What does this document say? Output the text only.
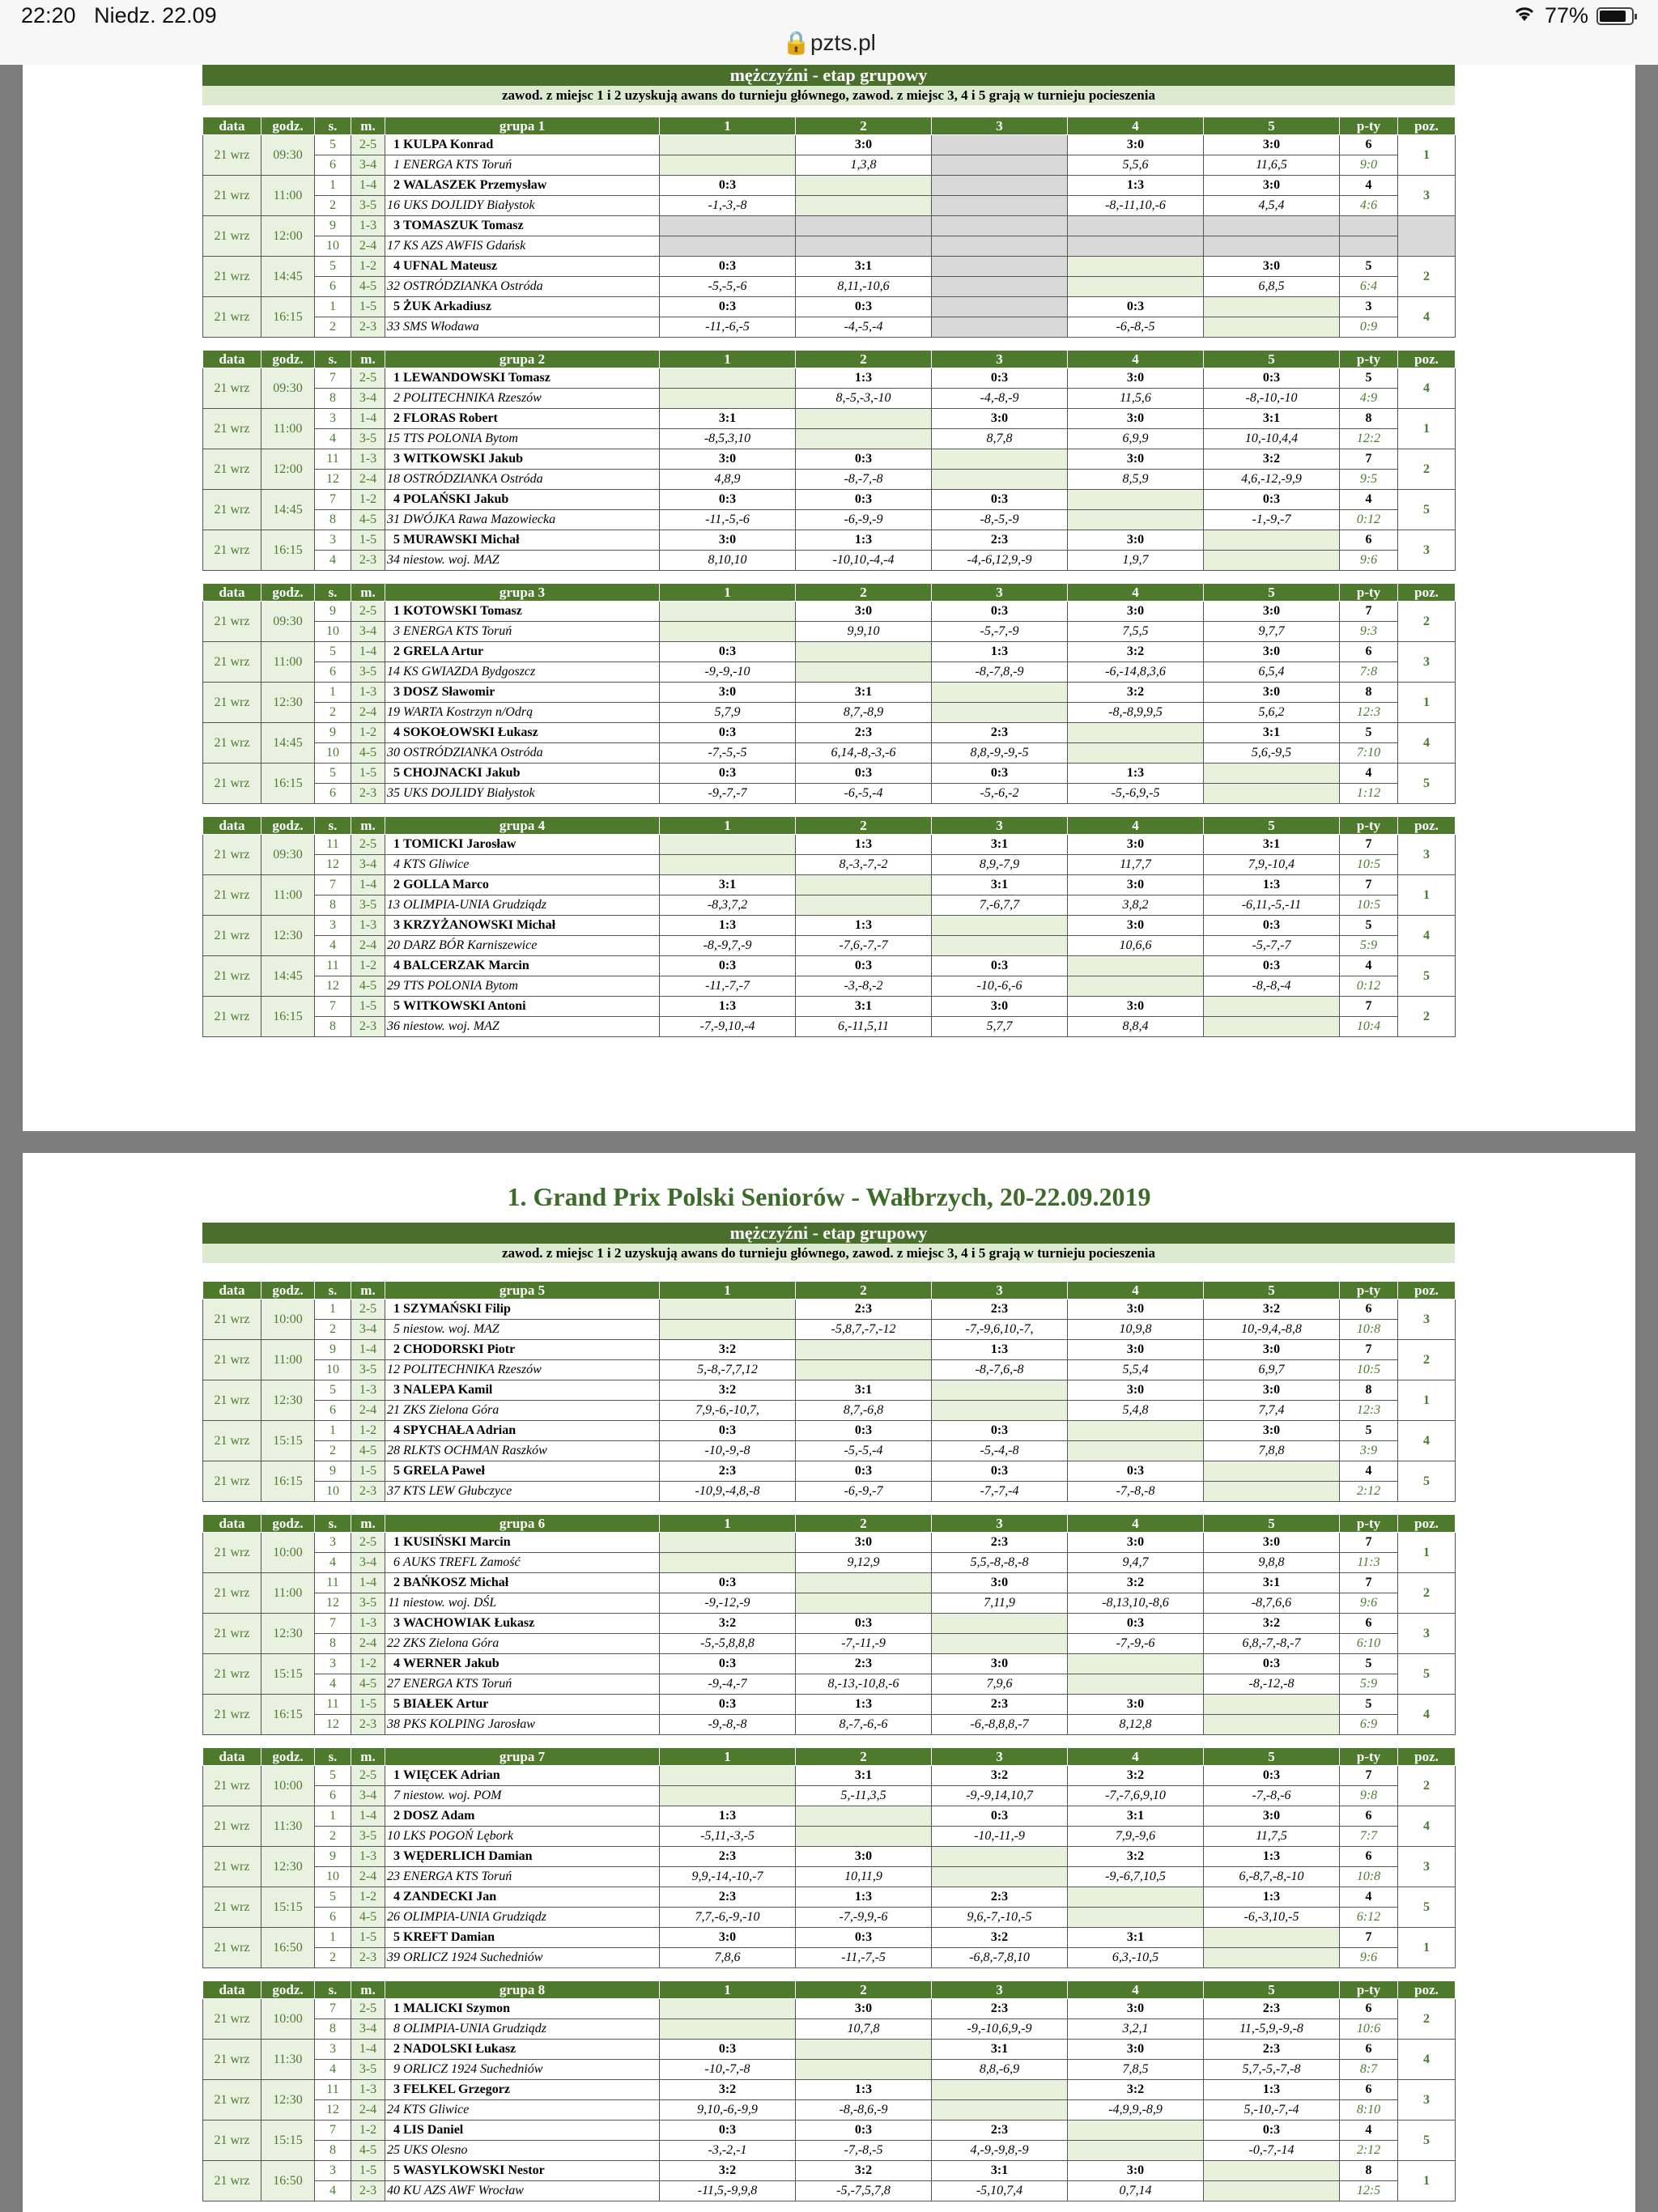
22:20 Niedz. 22.09	77%
🔒pzts.pl
mężczyźni - etap grupowy
zawod. z miejsc 1 i 2 uzyskują awans do turnieju głównego, zawod. z miejsc 3, 4 i 5 grają w turnieju pocieszenia
data	godz.	s.	m.	grupa 1	1	2	3	4	5	p-ty	poz.
21 wrz	09:30	5	2-5	1 KULPA Konrad		3:0		3:0	3:0	6	1
		6	3-4	1 ENERGA KTS Toruń		1,3,8		5,5,6	11,6,5	9:0	
21 wrz	11:00	1	1-4	2 WALASZEK Przemysław	0:3			1:3	3:0	4	3
		2	3-5	16 UKS DOJLIDY Białystok	-1,-3,-8			-8,-11,10,-6	4,5,4	4:6	
21 wrz	12:00	9	1-3	3 TOMASZUK Tomasz							
		10	2-4	17 KS AZS AWFIS Gdańsk							
21 wrz	14:45	5	1-2	4 UFNAL Mateusz	0:3	3:1			3:0	5	2
		6	4-5	32 OSTRÓDZIANKA Ostróda	-5,-5,-6	8,11,-10,6			6,8,5	6:4	
21 wrz	16:15	1	1-5	5 ŻUK Arkadiusz	0:3	0:3		0:3		3	4
		2	2-3	33 SMS Włodawa	-11,-6,-5	-4,-5,-4		-6,-8,-5		0:9	
data	godz.	s.	m.	grupa 2	1	2	3	4	5	p-ty	poz.
21 wrz	09:30	7	2-5	1 LEWANDOWSKI Tomasz		1:3	0:3	3:0	0:3	5	4
		8	3-4	2 POLITECHNIKA Rzeszów		8,-5,-3,-10	-4,-8,-9	11,5,6	-8,-10,-10	4:9	
21 wrz	11:00	3	1-4	2 FLORAS Robert	3:1		3:0	3:0	3:1	8	1
		4	3-5	15 TTS POLONIA Bytom	-8,5,3,10		8,7,8	6,9,9	10,-10,4,4	12:2	
21 wrz	12:00	11	1-3	3 WITKOWSKI Jakub	3:0	0:3		3:0	3:2	7	2
		12	2-4	18 OSTRÓDZIANKA Ostróda	4,8,9	-8,-7,-8		8,5,9	4,6,-12,-9,9	9:5	
21 wrz	14:45	7	1-2	4 POLAŃSKI Jakub	0:3	0:3	0:3		0:3	4	5
		8	4-5	31 DWÓJKA Rawa Mazowiecka	-11,-5,-6	-6,-9,-9	-8,-5,-9		-1,-9,-7	0:12	
21 wrz	16:15	3	1-5	5 MURAWSKI Michał	3:0	1:3	2:3	3:0		6	3
		4	2-3	34 niestow. woj. MAZ	8,10,10	-10,10,-4,-4	-4,-6,12,9,-9	1,9,7		9:6	
data	godz.	s.	m.	grupa 3	1	2	3	4	5	p-ty	poz.
21 wrz	09:30	9	2-5	1 KOTOWSKI Tomasz		3:0	0:3	3:0	3:0	7	2
		10	3-4	3 ENERGA KTS Toruń		9,9,10	-5,-7,-9	7,5,5	9,7,7	9:3	
21 wrz	11:00	5	1-4	2 GRELA Artur	0:3		1:3	3:2	3:0	6	3
		6	3-5	14 KS GWIAZDA Bydgoszcz	-9,-9,-10		-8,-7,8,-9	-6,-14,8,3,6	6,5,4	7:8	
21 wrz	12:30	1	1-3	3 DOSZ Sławomir	3:0	3:1		3:2	3:0	8	1
		2	2-4	19 WARTA Kostrzyn n/Odrą	5,7,9	8,7,-8,9		-8,-8,9,9,5	5,6,2	12:3	
21 wrz	14:45	9	1-2	4 SOKOŁOWSKI Łukasz	0:3	2:3	2:3		3:1	5	4
		10	4-5	30 OSTRÓDZIANKA Ostróda	-7,-5,-5	6,14,-8,-3,-6	8,8,-9,-9,-5		5,6,-9,5	7:10	
21 wrz	16:15	5	1-5	5 CHOJNACKI Jakub	0:3	0:3	0:3	1:3		4	5
		6	2-3	35 UKS DOJLIDY Białystok	-9,-7,-7	-6,-5,-4	-5,-6,-2	-5,-6,9,-5		1:12	
data	godz.	s.	m.	grupa 4	1	2	3	4	5	p-ty	poz.
21 wrz	09:30	11	2-5	1 TOMICKI Jarosław		1:3	3:1	3:0	3:1	7	3
		12	3-4	4 KTS Gliwice		8,-3,-7,-2	8,9,-7,9	11,7,7	7,9,-10,4	10:5	
21 wrz	11:00	7	1-4	2 GOLLA Marco	3:1		3:1	3:0	1:3	7	1
		8	3-5	13 OLIMPIA-UNIA Grudziądz	-8,3,7,2		7,-6,7,7	3,8,2	-6,11,-5,-11	10:5	
21 wrz	12:30	3	1-3	3 KRZYŻANOWSKI Michał	1:3	1:3		3:0	0:3	5	4
		4	2-4	20 DARZ BÓR Karniszewice	-8,-9,7,-9	-7,6,-7,-7		10,6,6	-5,-7,-7	5:9	
21 wrz	14:45	11	1-2	4 BALCERZAK Marcin	0:3	0:3	0:3		0:3	4	5
		12	4-5	29 TTS POLONIA Bytom	-11,-7,-7	-3,-8,-2	-10,-6,-6		-8,-8,-4	0:12	
21 wrz	16:15	7	1-5	5 WITKOWSKI Antoni	1:3	3:1	3:0	3:0		7	2
		8	2-3	36 niestow. woj. MAZ	-7,-9,10,-4	6,-11,5,11	5,7,7	8,8,4		10:4	
1. Grand Prix Polski Seniorów - Wałbrzych, 20-22.09.2019
mężczyźni - etap grupowy
zawod. z miejsc 1 i 2 uzyskują awans do turnieju głównego, zawod. z miejsc 3, 4 i 5 grają w turnieju pocieszenia
data	godz.	s.	m.	grupa 5	1	2	3	4	5	p-ty	poz.
21 wrz	10:00	1	2-5	1 SZYMAŃSKI Filip		2:3	2:3	3:0	3:2	6	3
		2	3-4	5 niestow. woj. MAZ		-5,8,7,-7,-12	-7,-9,6,10,-7,	10,9,8	10,-9,4,-8,8	10:8	
21 wrz	11:00	9	1-4	2 CHODORSKI Piotr	3:2		1:3	3:0	3:0	7	2
		10	3-5	12 POLITECHNIKA Rzeszów	5,-8,-7,7,12		-8,-7,6,-8	5,5,4	6,9,7	10:5	
21 wrz	12:30	5	1-3	3 NALEPA Kamil	3:2	3:1		3:0	3:0	8	1
		6	2-4	21 ZKS Zielona Góra	7,9,-6,-10,7,	8,7,-6,8		5,4,8	7,7,4	12:3	
21 wrz	15:15	1	1-2	4 SPYCHAŁA Adrian	0:3	0:3	0:3		3:0	5	4
		2	4-5	28 RLKTS OCHMAN Raszków	-10,-9,-8	-5,-5,-4	-5,-4,-8		7,8,8	3:9	
21 wrz	16:15	9	1-5	5 GRELA Paweł	2:3	0:3	0:3	0:3		4	5
		10	2-3	37 KTS LEW Głubczyce	-10,9,-4,8,-8	-6,-9,-7	-7,-7,-4	-7,-8,-8		2:12	
data	godz.	s.	m.	grupa 6	1	2	3	4	5	p-ty	poz.
21 wrz	10:00	3	2-5	1 KUSIŃSKI Marcin		3:0	2:3	3:0	3:0	7	1
		4	3-4	6 AUKS TREFL Zamość		9,12,9	5,5,-8,-8,-8	9,4,7	9,8,8	11:3	
21 wrz	11:00	11	1-4	2 BAŃKOSZ Michał	0:3		3:0	3:2	3:1	7	2
		12	3-5	11 niestow. woj. DŚL	-9,-12,-9		7,11,9	-8,13,10,-8,6	-8,7,6,6	9:6	
21 wrz	12:30	7	1-3	3 WACHOWIAK Łukasz	3:2	0:3		0:3	3:2	6	3
		8	2-4	22 ZKS Zielona Góra	-5,-5,8,8,8	-7,-11,-9		-7,-9,-6	6,8,-7,-8,-7	6:10	
21 wrz	15:15	3	1-2	4 WERNER Jakub	0:3	2:3	3:0		0:3	5	5
		4	4-5	27 ENERGA KTS Toruń	-9,-4,-7	8,-13,-10,8,-6	7,9,6		-8,-12,-8	5:9	
21 wrz	16:15	11	1-5	5 BIAŁEK Artur	0:3	1:3	2:3	3:0		5	4
		12	2-3	38 PKS KOLPING Jarosław	-9,-8,-8	8,-7,-6,-6	-6,-8,8,8,-7	8,12,8		6:9	
data	godz.	s.	m.	grupa 7	1	2	3	4	5	p-ty	poz.
21 wrz	10:00	5	2-5	1 WIĘCEK Adrian		3:1	3:2	3:2	0:3	7	2
		6	3-4	7 niestow. woj. POM		5,-11,3,5	-9,-9,14,10,7	-7,-7,6,9,10	-7,-8,-6	9:8	
21 wrz	11:30	1	1-4	2 DOSZ Adam	1:3		0:3	3:1	3:0	6	4
		2	3-5	10 LKS POGOŃ Lębork	-5,11,-3,-5		-10,-11,-9	7,9,-9,6	11,7,5	7:7	
21 wrz	12:30	9	1-3	3 WĘDERLICH Damian	2:3	3:0		3:2	1:3	6	3
		10	2-4	23 ENERGA KTS Toruń	9,9,-14,-10,-7	10,11,9		-9,-6,7,10,5	6,-8,7,-8,-10	10:8	
21 wrz	15:15	5	1-2	4 ZANDECKI Jan	2:3	1:3	2:3		1:3	4	5
		6	4-5	26 OLIMPIA-UNIA Grudziądz	7,7,-6,-9,-10	-7,-9,9,-6	9,6,-7,-10,-5		-6,-3,10,-5	6:12	
21 wrz	16:50	1	1-5	5 KREFT Damian	3:0	0:3	3:2	3:1		7	1
		2	2-3	39 ORLICZ 1924 Suchedniów	7,8,6	-11,-7,-5	-6,8,-7,8,10	6,3,-10,5		9:6	
data	godz.	s.	m.	grupa 8	1	2	3	4	5	p-ty	poz.
21 wrz	10:00	7	2-5	1 MALICKI Szymon		3:0	2:3	3:0	2:3	6	2
		8	3-4	8 OLIMPIA-UNIA Grudziądz		10,7,8	-9,-10,6,9,-9	3,2,1	11,-5,9,-9,-8	10:6	
21 wrz	11:30	3	1-4	2 NADOLSKI Łukasz	0:3		3:1	3:0	2:3	6	4
		4	3-5	9 ORLICZ 1924 Suchedniów	-10,-7,-8		8,8,-6,9	7,8,5	5,7,-5,-7,-8	8:7	
21 wrz	12:30	11	1-3	3 FELKEL Grzegorz	3:2	1:3		3:2	1:3	6	3
		12	2-4	24 KTS Gliwice	9,10,-6,-9,9	-8,-8,6,-9		-4,9,9,-8,9	5,-10,-7,-4	8:10	
21 wrz	15:15	7	1-2	4 LIS Daniel	0:3	0:3	2:3		0:3	4	5
		8	4-5	25 UKS Olesno	-3,-2,-1	-7,-8,-5	4,-9,-9,8,-9		-0,-7,-14	2:12	
21 wrz	16:50	3	1-5	5 WASYLKOWSKI Nestor	3:2	3:2	3:1	3:0		8	1
		4	2-3	40 KU AZS AWF Wrocław	-11,5,-9,9,8	-5,-7,5,7,8	-5,10,7,4	0,7,14		12:5	
